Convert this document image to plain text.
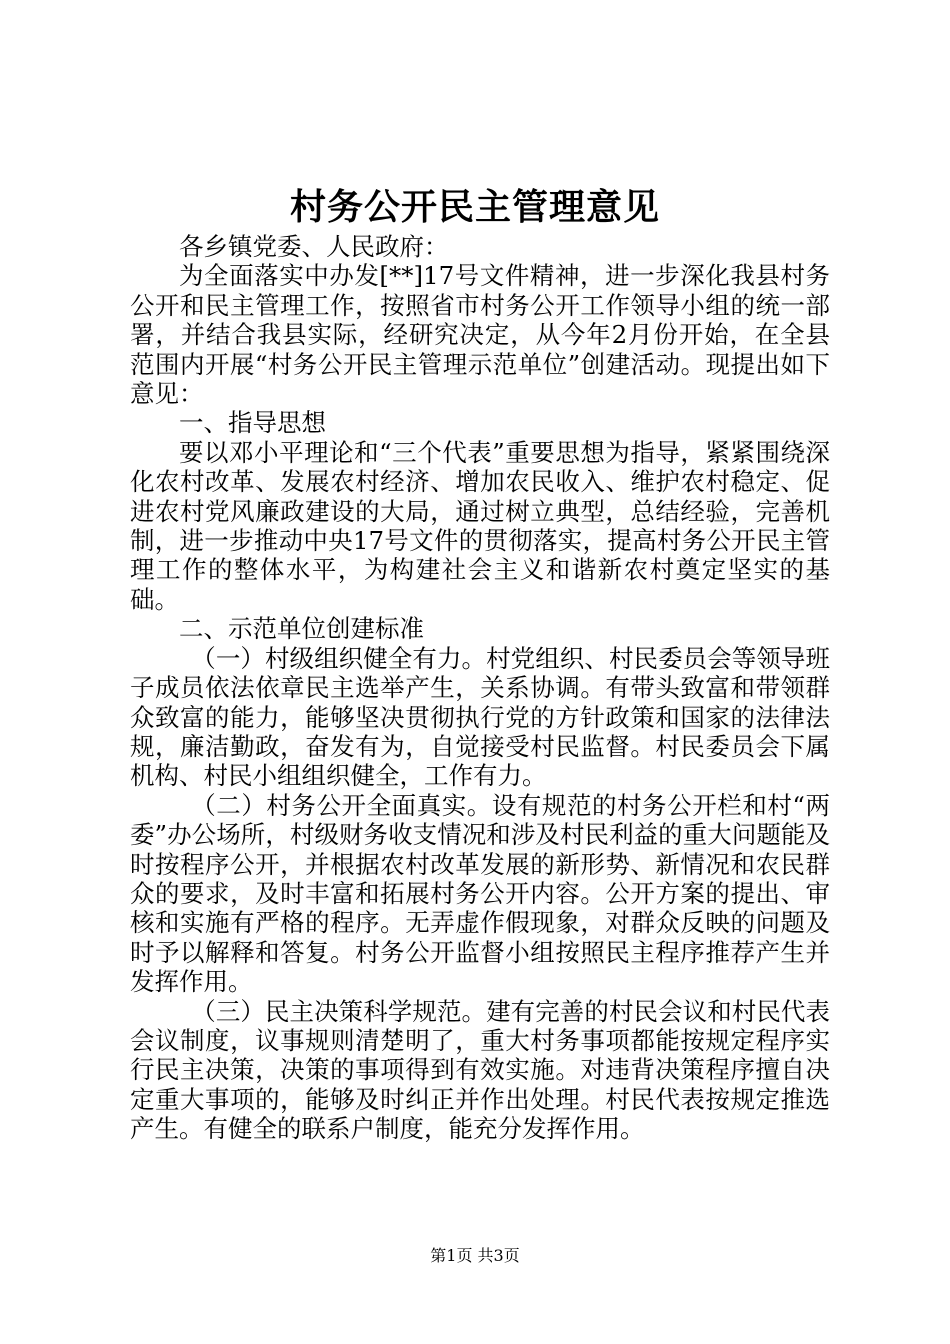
村务公开民主管理意见

各乡镇党委、人民政府：

为全面落实中办发[**]17号文件精神，进一步深化我县村务公开和民主管理工作，按照省市村务公开工作领导小组的统一部署，并结合我县实际，经研究决定，从今年2月份开始，在全县范围内开展“村务公开民主管理示范单位”创建活动。现提出如下意见：

一、指导思想

要以邓小平理论和“三个代表”重要思想为指导，紧紧围绕深化农村改革、发展农村经济、增加农民收入、维护农村稳定、促进农村党风廉政建设的大局，通过树立典型，总结经验，完善机制，进一步推动中央17号文件的贯彻落实，提高村务公开民主管理工作的整体水平，为构建社会主义和谐新农村奠定坚实的基础。

二、示范单位创建标准

（一）村级组织健全有力。村党组织、村民委员会等领导班子成员依法依章民主选举产生，关系协调。有带头致富和带领群众致富的能力，能够坚决贯彻执行党的方针政策和国家的法律法规，廉洁勤政，奋发有为，自觉接受村民监督。村民委员会下属机构、村民小组组织健全，工作有力。

（二）村务公开全面真实。设有规范的村务公开栏和村“两委”办公场所，村级财务收支情况和涉及村民利益的重大问题能及时按程序公开，并根据农村改革发展的新形势、新情况和农民群众的要求，及时丰富和拓展村务公开内容。公开方案的提出、审核和实施有严格的程序。无弄虚作假现象，对群众反映的问题及时予以解释和答复。村务公开监督小组按照民主程序推荐产生并发挥作用。

（三）民主决策科学规范。建有完善的村民会议和村民代表会议制度，议事规则清楚明了，重大村务事项都能按规定程序实行民主决策，决策的事项得到有效实施。对违背决策程序擅自决定重大事项的，能够及时纠正并作出处理。村民代表按规定推选产生。有健全的联系户制度，能充分发挥作用。

第1页 共3页
